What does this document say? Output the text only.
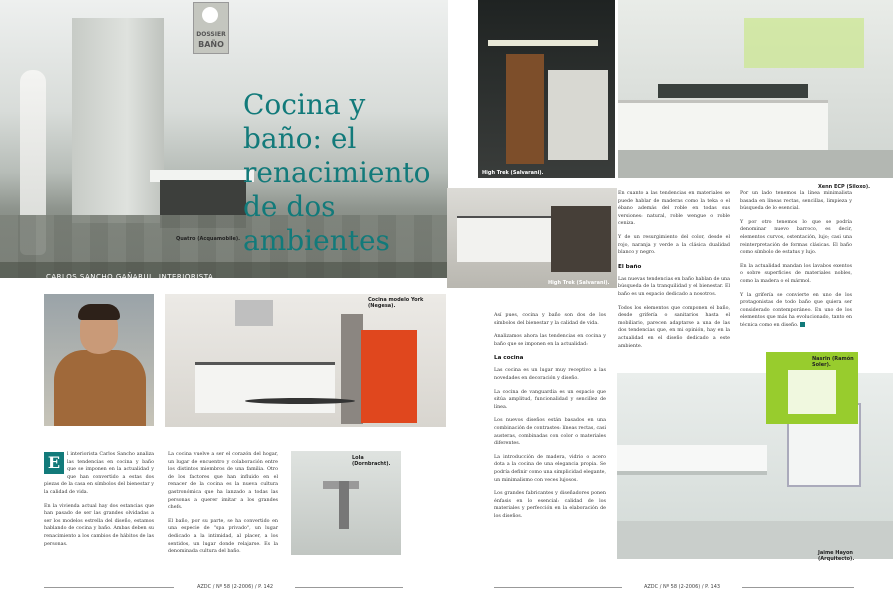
DOSSIER
BAÑO
Cocina y baño: el renacimiento de dos ambientes
Quatro (Acquamobile).
CARLOS SANCHO GAÑARUL. INTERIORISTA
OFFICE HOGAR COCINA Y BAÑO S.L.
Cocina modelo York (Negesa).

E	l interiorista Carlos Sancho analiza las tendencias en cocina y baño que se imponen en la actualidad y que han convertido a estas dos piezas de la casa en símbolos del bienestar y la calidad de vida.

En la vivienda actual hay dos estancias que han pasado de ser las grandes olvidadas a ser los modelos estrella del diseño, estamos hablando de cocina y baño. Ambas deben su renacimiento a los cambios de hábitos de las personas.

La cocina vuelve a ser el corazón del hogar, un lugar de encuentro y colaboración entre los distintos miembros de una familia. Otro de los factores que han influido en el renacer de la cocina es la nueva cultura gastronómica que ha lanzado a todas las personas a querer imitar a los grandes chefs.

El baño, por su parte, se ha convertido en una especie de "spa privado", un lugar dedicado a la intimidad, al placer, a los sentidos, un lugar donde relajarse. Es la denominada cultura del baño.

Lola (Dornbracht).
AZDC / Nº 58 (2-2006) / P. 142
High Trek (Salvarani).
Xenn ECP (Siloxo).
High Trek (Salvarani).

Así pues, cocina y baño son dos de los símbolos del bienestar y la calidad de vida.

Analizamos ahora las tendencias en cocina y baño que se imponen en la actualidad:

La cocina

Las cocina es un lugar muy receptivo a las novedades en decoración y diseño.

La cocina de vanguardia es un espacio que sitúa amplitud, funcionalidad y sencillez de línea.

Los nuevos diseños están basados en una combinación de contrastes: líneas rectas, casi austeras, combinadas con color o materiales diferentes.

La introducción de madera, vidrio o acero dota a la cocina de una elegancia propia. Se podría definir como una simplicidad elegante, un minimalismo con veces lujosos.

Los grandes fabricantes y diseñadores ponen énfasis en lo esencial: calidad de los materiales y perfección en la elaboración de los diseños.

En cuanto a las tendencias en materiales se puede hablar de maderas como la teka o el ébano además del roble en todas sus versiones: natural, roble wengue o roble ceniza.

Y de un resurgimiento del color, desde el rojo, naranja y verde a la clásica dualidad blanco y negro.

El baño

Las nuevas tendencias en baño hablan de una búsqueda de la tranquilidad y el bienestar. El baño es un espacio dedicado a nosotros.

Todos los elementos que componen el baño, desde grifería o sanitarios hasta el mobiliario, parecen adaptarse a una de las dos tendencias que, en mi opinión, hay en la actualidad en el diseño dedicado a este ambiente.

Por un lado tenemos la línea minimalista basada en líneas rectas, sencillas, limpieza y búsqueda de lo esencial.

Y por otro tenemos lo que se podría denominar nuevo barroco, es decir, elementos curvos, ostentación, lujo; casi una reinterpretación de formas clásicas. El baño como símbolo de estatus y lujo.

En la actualidad mandan los lavabos exentos o sobre superficies de materiales nobles, como la madera o el mármol.

Y la grifería se convierte en uno de los protagonistas de todo baño que quiera ser considerado contemporáneo. En uno de los elementos que más ha evolucionado, tanto en técnica como en diseño.

Nasrin (Ramón Soler).
Jaime Hayon (Arquitecto).
AZDC / Nº 58 (2-2006) / P. 143
